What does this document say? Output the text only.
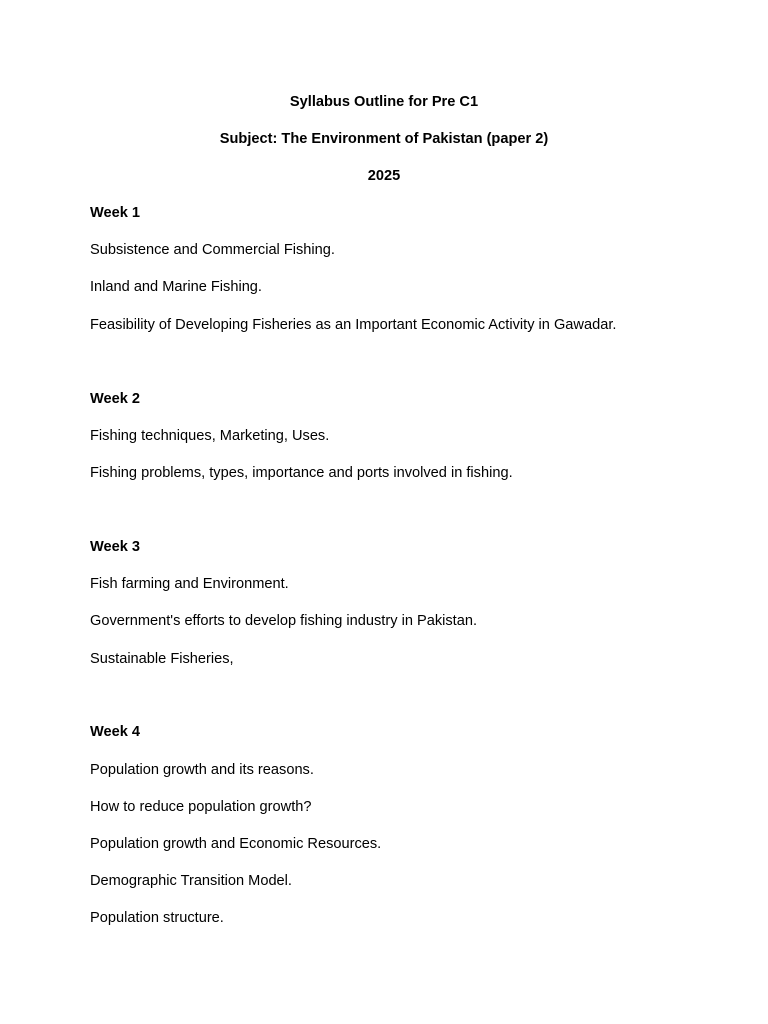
Syllabus Outline for Pre C1
Subject: The Environment of Pakistan (paper 2)
2025
Week 1
Subsistence and Commercial Fishing.
Inland and Marine Fishing.
Feasibility of Developing Fisheries as an Important Economic Activity in Gawadar.
Week 2
Fishing techniques, Marketing, Uses.
Fishing problems, types, importance and ports involved in fishing.
Week 3
Fish farming and Environment.
Government's efforts to develop fishing industry in Pakistan.
Sustainable Fisheries,
Week 4
Population growth and its reasons.
How to reduce population growth?
Population growth and Economic Resources.
Demographic Transition Model.
Population structure.
